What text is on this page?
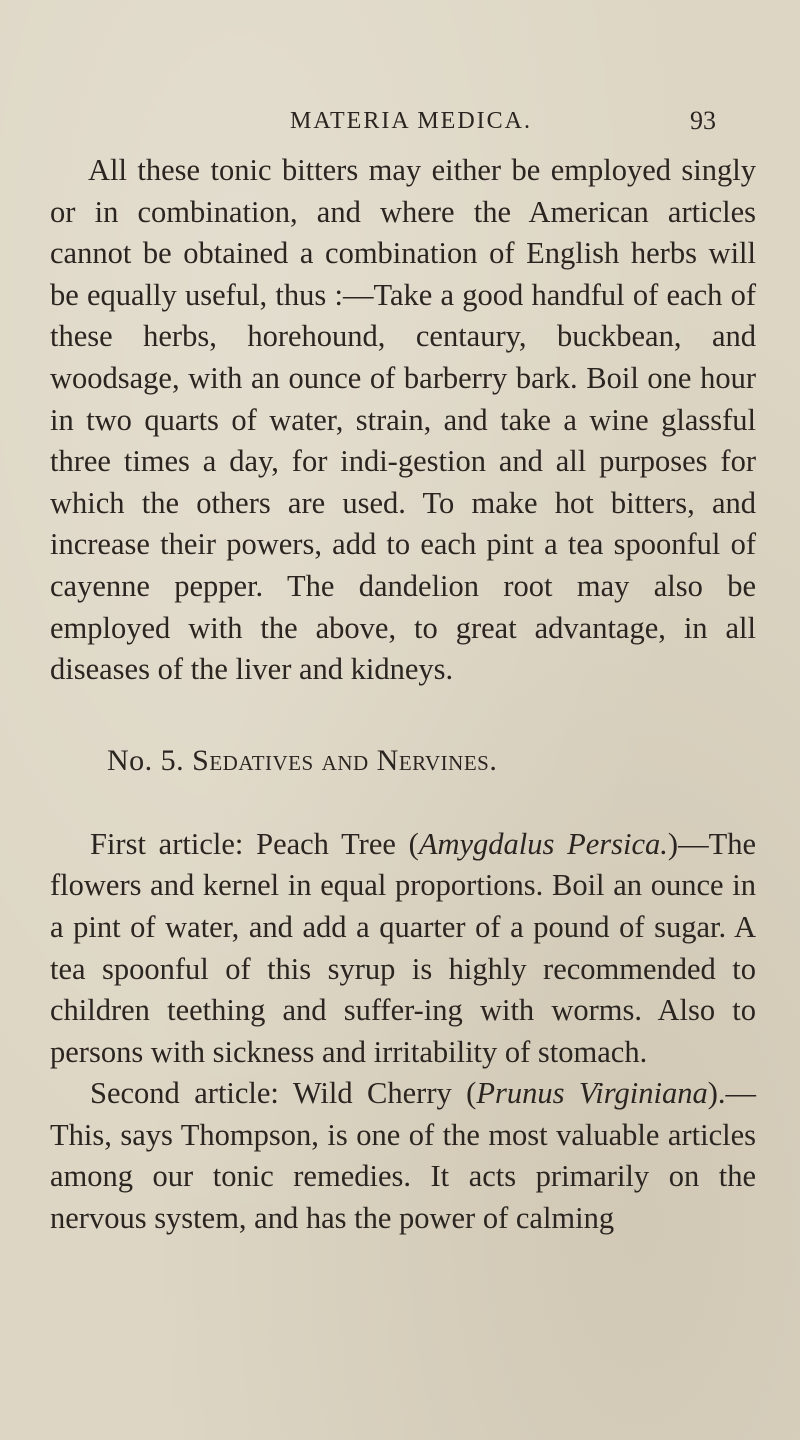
MATERIA MEDICA.	93

All these tonic bitters may either be employed singly or in combination, and where the American articles cannot be obtained a combination of English herbs will be equally useful, thus :—Take a good handful of each of these herbs, horehound, centaury, buckbean, and woodsage, with an ounce of barberry bark. Boil one hour in two quarts of water, strain, and take a wine glassful three times a day, for indi-gestion and all purposes for which the others are used. To make hot bitters, and increase their powers, add to each pint a tea spoonful of cayenne pepper. The dandelion root may also be employed with the above, to great advantage, in all diseases of the liver and kidneys.

No. 5. Sedatives and Nervines.

First article: Peach Tree (Amygdalus Persica.)—The flowers and kernel in equal proportions. Boil an ounce in a pint of water, and add a quarter of a pound of sugar. A tea spoonful of this syrup is highly recommended to children teething and suffer-ing with worms. Also to persons with sickness and irritability of stomach.

Second article: Wild Cherry (Prunus Virginiana).—This, says Thompson, is one of the most valuable articles among our tonic remedies. It acts primarily on the nervous system, and has the power of calming
